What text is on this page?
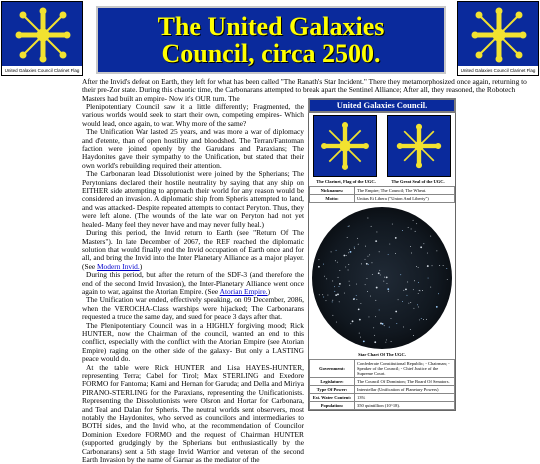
United Galaxies Council Clarinet Flag
The United Galaxies
Council, circa 2500.
United Galaxies Council Clarinet Flag
After the Invid's defeat on Earth, they left for what has been called "The Ranath's Star Incident." There they metamorphosized once again, returning to their pre-Zor state. During this chaotic time, the Carbonarans attempted to break apart the Sentinel Alliance; After all, they reasoned, the Robotech Masters had built an empire- Now it's OUR turn. The

Plenipotentiary Council saw it a little differently; Fragmented, the various worlds would seek to start their own, competing empires- Which would lead, once again, to war. Why more of the same?

The Unification War lasted 25 years, and was more a war of diplomacy and d'etente, than of open hostility and bloodshed. The Terran/Fantoman faction were joined openly by the Garudans and Paraxians; The Haydonites gave their sympathy to the Unification, but stated that their own world's rebuilding required their attention.

The Carbonaran lead Dissolutionist were joined by the Spherians; The Perytonians declared their hostile neutrality by saying that any ship on EITHER side attempting to approach their world for any reason would be considered an invasion. A diplomatic ship from Spheris attempted to land, and was attacked- Despite repeated attempts to contact Peryton. Thus, they were left alone. (The wounds of the late war on Peryton had not yet healed- Many feel they never have and may never fully heal.)

During this period, the Invid return to Earth (see "Return Of The Masters"). In late December of 2067, the REF reached the diplomatic solution that would finally end the Invid occupation of Earth once and for all, and bring the Invid into the Inter Planetary Alliance as a major player. (See Modern Invid.)

During this period, but after the return of the SDF-3 (and therefore the end of the second Invid Invasion), the Inter-Planetary Alliance went once again to war, against the Atorian Empire. (See Atorian Empire.)

The Unification war ended, effectively speaking, on 09 December, 2086, when the VEROCHA-Class warships were hijacked; The Carbonarans requested a truce the same day, and sued for peace 3 days after that.

The Plenipotentiary Council was in a HIGHLY forgiving mood; Rick HUNTER, now the Chairman of the council, wanted an end to this conflict, especially with the conflict with the Atorian Empire (see Atorian Empire) raging on the other side of the galaxy- But only a LASTING peace would do.

At the table were Rick HUNTER and Lisa HAYES-HUNTER, representing Terra; Cabel for Tirol; Max STERLING and Exedore FORMO for Fantoma; Kami and Hernan for Garuda; and Della and Miriya PIRANO-STERLING for the Paraxians, representing the Unificationists. Representing the Dissolutionists were Olsron and Hortar for Carbonara, and Teal and Dalan for Spheris. The neutral worlds sent observers, most notably the Haydonites, who served as councilors and intermediaries to BOTH sides, and the Invid who, at the recommendation of Councilor Dominion Exedore FORMO and the request of Chairman HUNTER (supported grudgingly by the Spherians but enthusiastically by the Carbonarans) sent a 5th stage Invid Warrior and veteran of the second Earth Invasion by the name of Garnar as the mediator of the

United Galaxies Council.
The Clarinet, Flag of the UGC.	The Great Seal of the UGC.
Nicknames:	The Empire; The Council; The Wheat.
Motto:	Unitas Et Libera ("Union And Liberty")
Star Chart Of The UGC.
Government:	Confederate Constitutional Republic; - Chairman; - Speaker of the Council; - Chief Justice of the Supreme Court.
Legislature:	The Council Of Dominion; The Board Of Senators.
Type Of Power:	Interstellar (Unification of Planetary Powers)
Est. Water Content:	13%
Population:	350 quintillion (10^18).
